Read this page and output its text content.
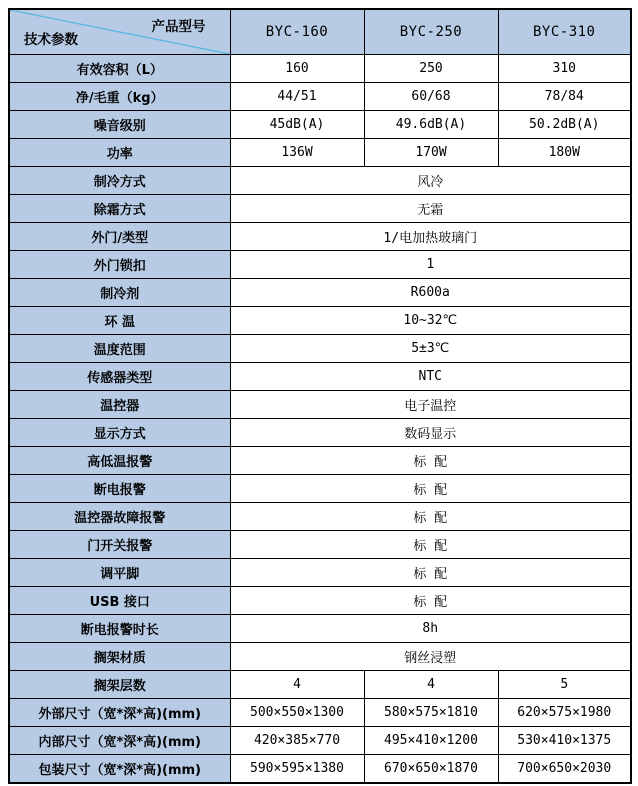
产品型号
技术参数	BYC-160	BYC-250	BYC-310
有效容积（L）	160	250	310
净/毛重（kg）	44/51	60/68	78/84
噪音级别	45dB(A)	49.6dB(A)	50.2dB(A)
功率	136W	170W	180W
制冷方式	风冷		
除霜方式	无霜		
外门/类型	1/电加热玻璃门		
外门锁扣	1		
制冷剂	R600a		
环 温	10~32℃		
温度范围	5±3℃		
传感器类型	NTC		
温控器	电子温控		
显示方式	数码显示		
高低温报警	标 配		
断电报警	标 配		
温控器故障报警	标 配		
门开关报警	标 配		
调平脚	标 配		
USB 接口	标 配		
断电报警时长	8h		
搁架材质	钢丝浸塑		
搁架层数	4	4	5
外部尺寸（宽*深*高)(mm)	500×550×1300	580×575×1810	620×575×1980
内部尺寸（宽*深*高)(mm)	420×385×770	495×410×1200	530×410×1375
包装尺寸（宽*深*高)(mm)	590×595×1380	670×650×1870	700×650×2030
